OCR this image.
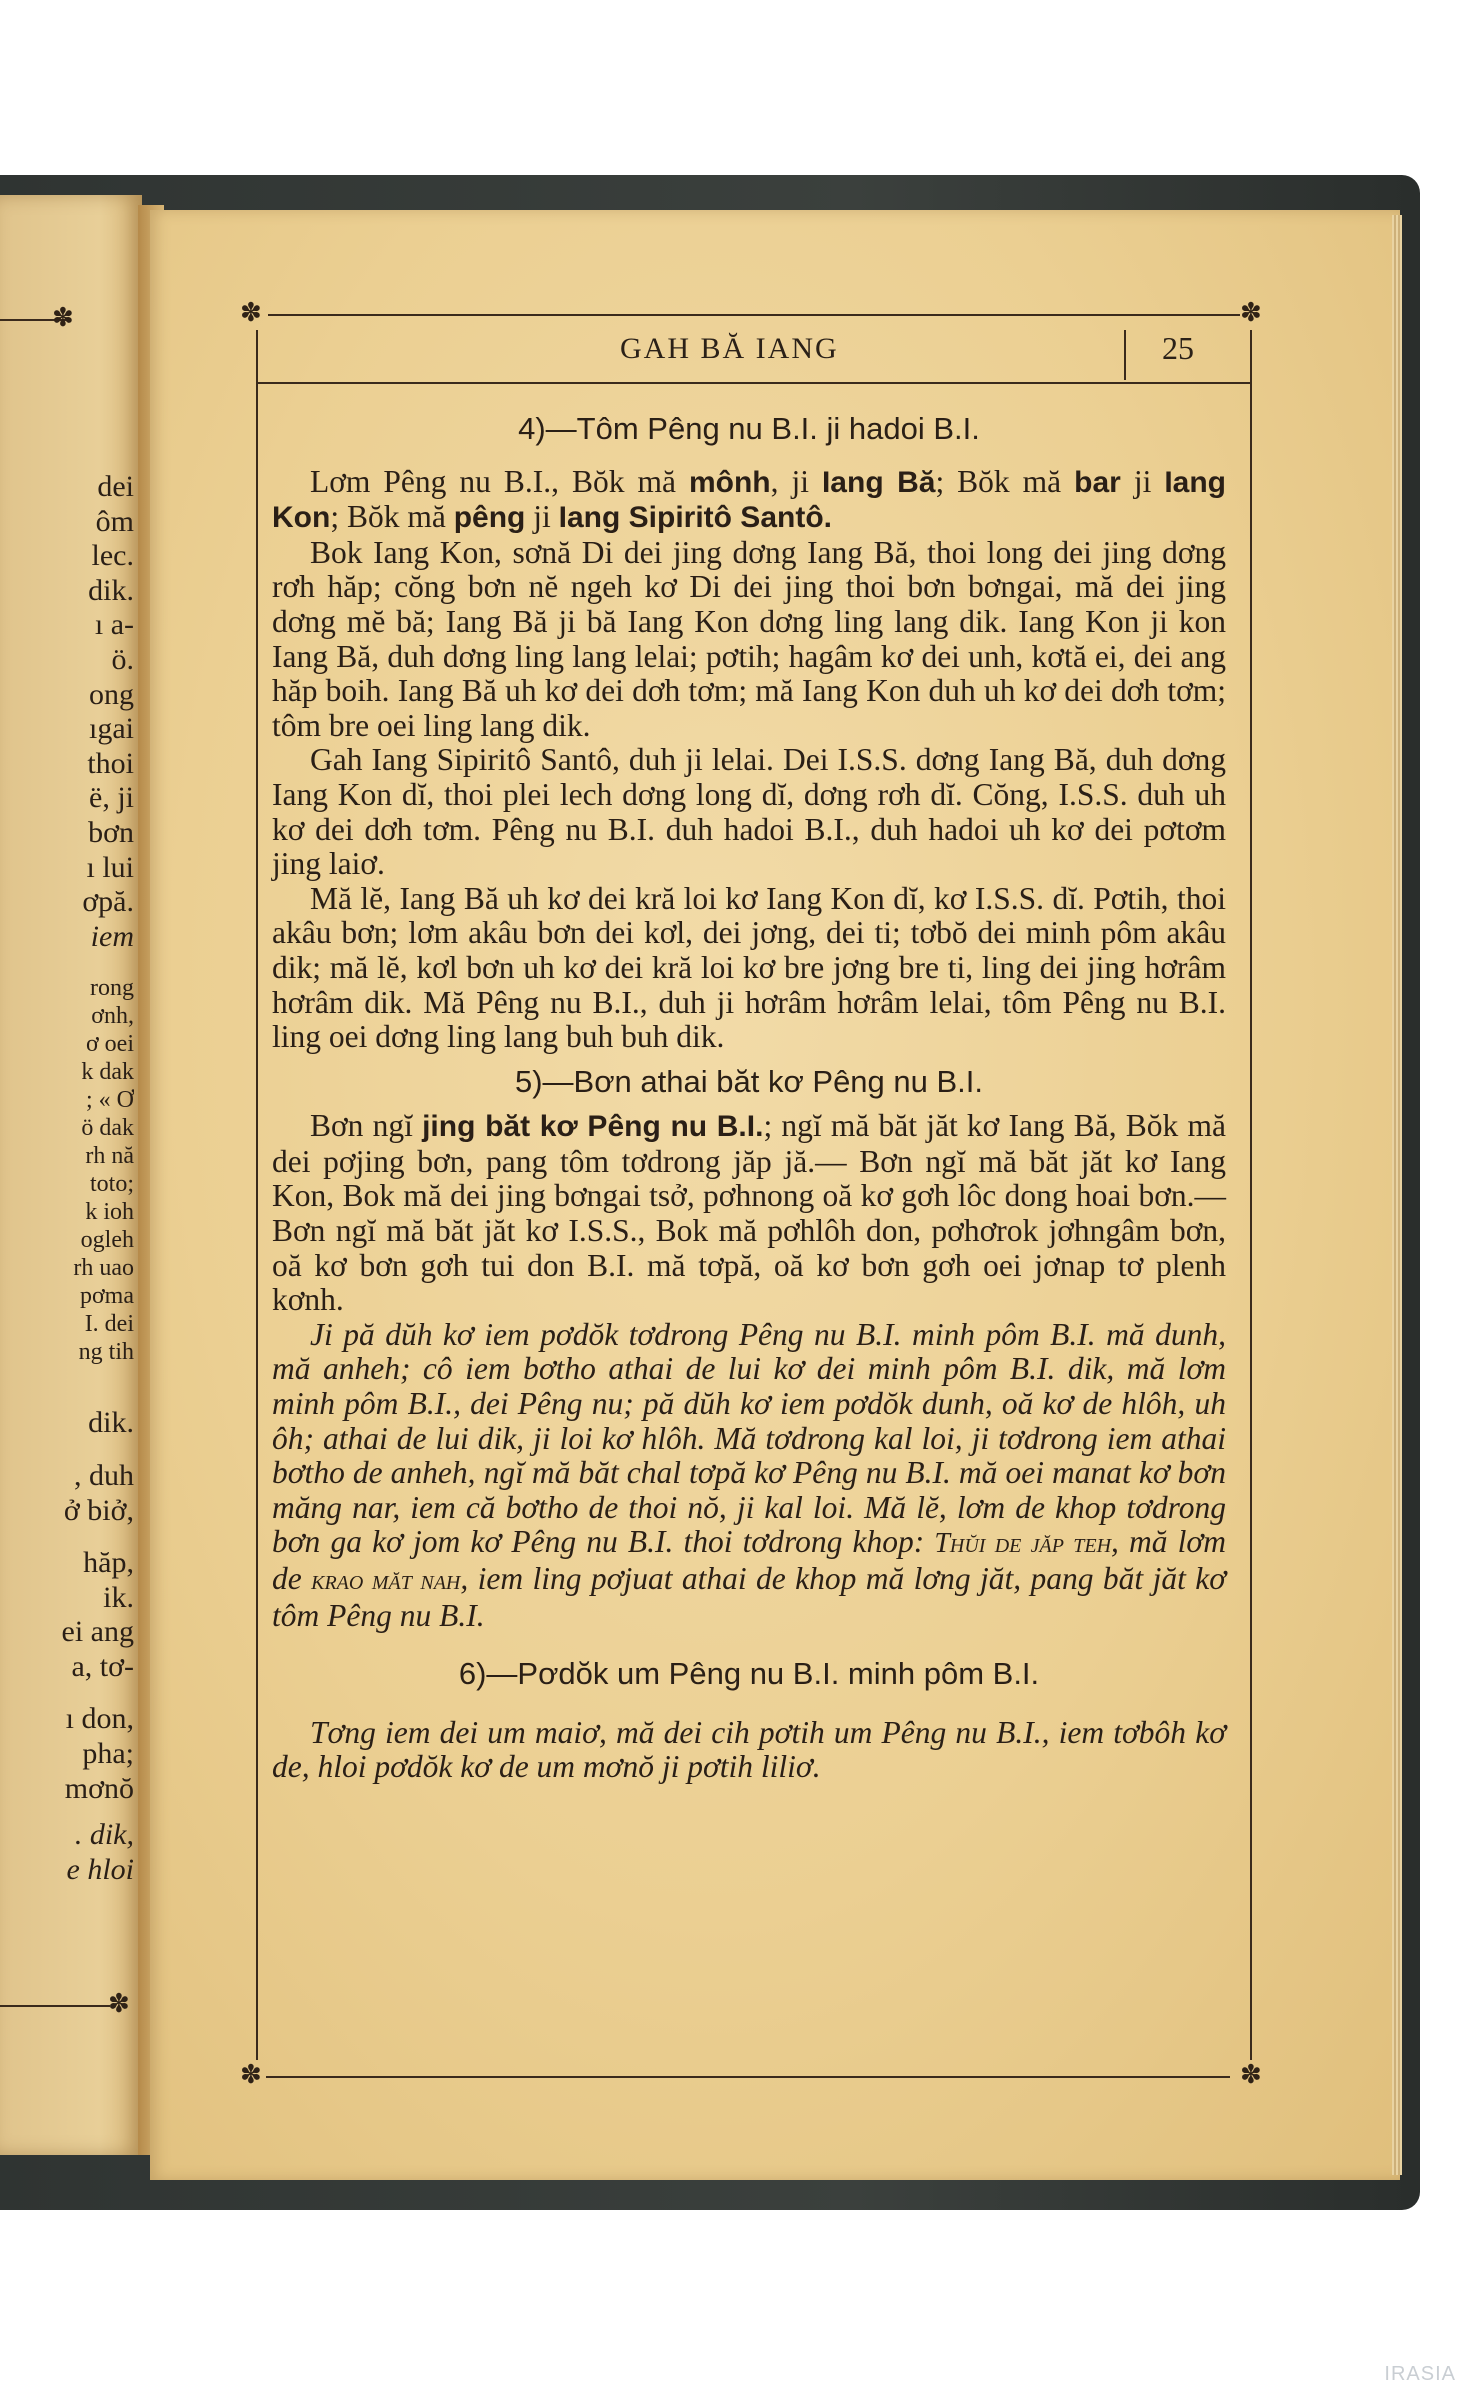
✽
✽
dei
ôm
lec.
dik.
ı a-
ö.
ong
ıgai
thoi
ë, ji
bơn
ı lui
ơpă.
iem
rong
ơnh,
ơ oei
k dak
; « Ơ
ö dak
rh nă
toto;
k ioh
ogleh
rh uao
pơma
I. dei
ng tih
dik.
, duh
ở biở,
hăp,
ik.
ei ang
a, tơ-
ı don,
pha;
mơnŏ
. dik,
e hloi
✽	✽
GAH BĂ IANG	25
✽	✽

4)—Tôm Pêng nu B.I. ji hadoi B.I.

Lơm Pêng nu B.I., Bŏk mă mônh, ji Iang Bă; Bŏk mă bar ji Iang Kon; Bŏk mă pêng ji Iang Sipiritô Santô.

Bok Iang Kon, sơnă Di dei jing dơng Iang Bă, thoi long dei jing dơng rơh hăp; cŏng bơn nĕ ngeh kơ Di dei jing thoi bơn bơngai, mă dei jing dơng mĕ bă; Iang Bă ji bă Iang Kon dơng ling lang dik. Iang Kon ji kon Iang Bă, duh dơng ling lang lelai; pơtih; hagâm kơ dei unh, kơtă ei, dei ang hăp boih. Iang Bă uh kơ dei dơh tơm; mă Iang Kon duh uh kơ dei dơh tơm; tôm bre oei ling lang dik.

Gah Iang Sipiritô Santô, duh ji lelai. Dei I.S.S. dơng Iang Bă, duh dơng Iang Kon dĭ, thoi plei lech dơng long dĭ, dơng rơh dĭ. Cŏng, I.S.S. duh uh kơ dei dơh tơm. Pêng nu B.I. duh hadoi B.I., duh hadoi uh kơ dei pơtơm jing laiơ.

Mă lĕ, Iang Bă uh kơ dei kră loi kơ Iang Kon dĭ, kơ I.S.S. dĭ. Pơtih, thoi akâu bơn; lơm akâu bơn dei kơl, dei jơng, dei ti; tơbŏ dei minh pôm akâu dik; mă lĕ, kơl bơn uh kơ dei kră loi kơ bre jơng bre ti, ling dei jing hơrâm hơrâm dik. Mă Pêng nu B.I., duh ji hơrâm hơrâm lelai, tôm Pêng nu B.I. ling oei dơng ling lang buh buh dik.

5)—Bơn athai băt kơ Pêng nu B.I.

Bơn ngĭ jing băt kơ Pêng nu B.I.; ngĭ mă băt jăt kơ Iang Bă, Bŏk mă dei pơjing bơn, pang tôm tơdrong jăp jă.— Bơn ngĭ mă băt jăt kơ Iang Kon, Bok mă dei jing bơngai tsở, pơhnong oă kơ gơh lôc dong hoai bơn.—Bơn ngĭ mă băt jăt kơ I.S.S., Bok mă pơhlôh don, pơhơrok jơhngâm bơn, oă kơ bơn gơh tui don B.I. mă tơpă, oă kơ bơn gơh oei jơnap tơ plenh kơnh.

Ji pă dŭh kơ iem pơdŏk tơdrong Pêng nu B.I. minh pôm B.I. mă dunh, mă anheh; cô iem bơtho athai de lui kơ dei minh pôm B.I. dik, mă lơm minh pôm B.I., dei Pêng nu; pă dŭh kơ iem pơdŏk dunh, oă kơ de hlôh, uh ôh; athai de lui dik, ji loi kơ hlôh. Mă tơdrong kal loi, ji tơdrong iem athai bơtho de anheh, ngĭ mă băt chal tơpă kơ Pêng nu B.I. mă oei manat kơ bơn măng nar, iem că bơtho de thoi nŏ, ji kal loi. Mă lĕ, lơm de khop tơdrong bơn ga kơ jom kơ Pêng nu B.I. thoi tơdrong khop: Thŭi de jăp teh, mă lơm de krao măt nah, iem ling pơjuat athai de khop mă lơng jăt, pang băt jăt kơ tôm Pêng nu B.I.

6)—Pơdŏk um Pêng nu B.I. minh pôm B.I.

Tơng iem dei um maiơ, mă dei cih pơtih um Pêng nu B.I., iem tơbôh kơ de, hloi pơdŏk kơ de um mơnŏ ji pơtih liliơ.

IRASIA
